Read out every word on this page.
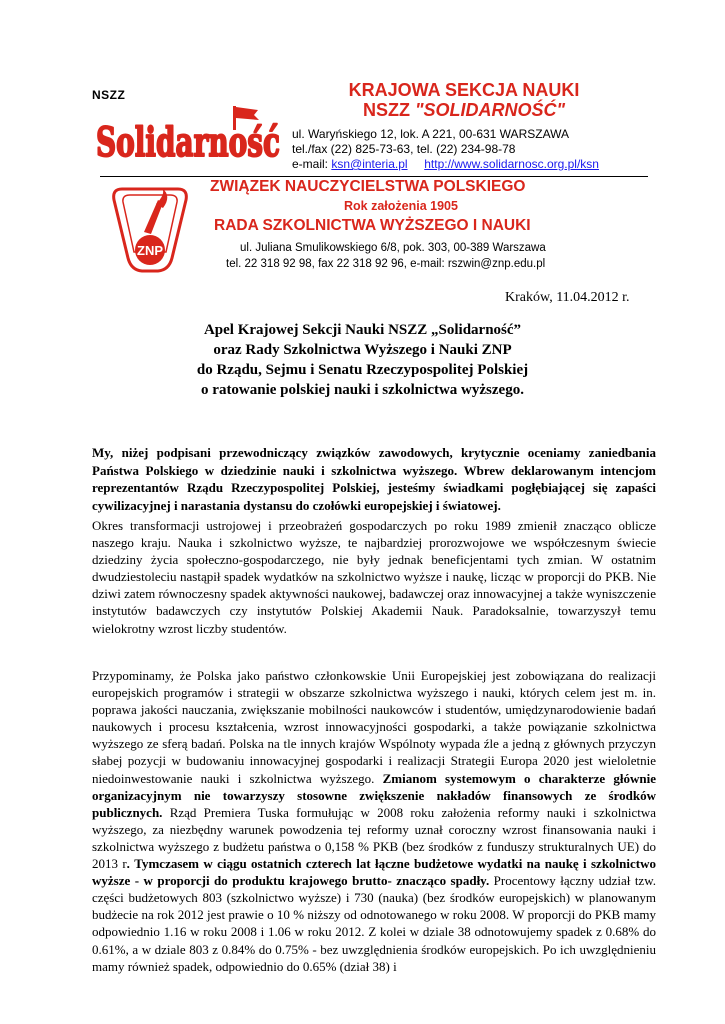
NSZZ
Solidarność
KRAJOWA SEKCJA NAUKI
NSZZ "SOLIDARNOŚĆ"
ul. Waryńskiego 12, lok. A 221, 00-631 WARSZAWA
tel./fax (22) 825-73-63, tel. (22) 234-98-78
e-mail: ksn@interia.pl http://www.solidarnosc.org.pl/ksn
ZNP
ZWIĄZEK NAUCZYCIELSTWA POLSKIEGO
Rok założenia 1905
RADA SZKOLNICTWA WYŻSZEGO I NAUKI
ul. Juliana Smulikowskiego 6/8, pok. 303, 00-389 Warszawa
tel. 22 318 92 98, fax 22 318 92 96, e-mail: rszwin@znp.edu.pl
Kraków, 11.04.2012 r.
Apel Krajowej Sekcji Nauki NSZZ „Solidarność”
oraz Rady Szkolnictwa Wyższego i Nauki ZNP
do Rządu, Sejmu i Senatu Rzeczypospolitej Polskiej
o ratowanie polskiej nauki i szkolnictwa wyższego.
My, niżej podpisani przewodniczący związków zawodowych, krytycznie oceniamy zaniedbania Państwa Polskiego w dziedzinie nauki i szkolnictwa wyższego. Wbrew deklarowanym intencjom reprezentantów Rządu Rzeczypospolitej Polskiej, jesteśmy świadkami pogłębiającej się zapaści cywilizacyjnej i narastania dystansu do czołówki europejskiej i światowej.
Okres transformacji ustrojowej i przeobrażeń gospodarczych po roku 1989 zmienił znacząco oblicze naszego kraju. Nauka i szkolnictwo wyższe, te najbardziej prorozwojowe we współczesnym świecie dziedziny życia społeczno-gospodarczego, nie były jednak beneficjentami tych zmian. W ostatnim dwudziestoleciu nastąpił spadek wydatków na szkolnictwo wyższe i naukę, licząc w proporcji do PKB. Nie dziwi zatem równoczesny spadek aktywności naukowej, badawczej oraz innowacyjnej a także wyniszczenie instytutów badawczych czy instytutów Polskiej Akademii Nauk. Paradoksalnie, towarzyszył temu wielokrotny wzrost liczby studentów.
Przypominamy, że Polska jako państwo członkowskie Unii Europejskiej jest zobowiązana do realizacji europejskich programów i strategii w obszarze szkolnictwa wyższego i nauki, których celem jest m. in. poprawa jakości nauczania, zwiększanie mobilności naukowców i studentów, umiędzynarodowienie badań naukowych i procesu kształcenia, wzrost innowacyjności gospodarki, a także powiązanie szkolnictwa wyższego ze sferą badań. Polska na tle innych krajów Wspólnoty wypada źle a jedną z głównych przyczyn słabej pozycji w budowaniu innowacyjnej gospodarki i realizacji Strategii Europa 2020 jest wieloletnie niedoinwestowanie nauki i szkolnictwa wyższego. Zmianom systemowym o charakterze głównie organizacyjnym nie towarzyszy stosowne zwiększenie nakładów finansowych ze środków publicznych. Rząd Premiera Tuska formułując w 2008 roku założenia reformy nauki i szkolnictwa wyższego, za niezbędny warunek powodzenia tej reformy uznał coroczny wzrost finansowania nauki i szkolnictwa wyższego z budżetu państwa o 0,158 % PKB (bez środków z funduszy strukturalnych UE) do 2013 r. Tymczasem w ciągu ostatnich czterech lat łączne budżetowe wydatki na naukę i szkolnictwo wyższe - w proporcji do produktu krajowego brutto- znacząco spadły. Procentowy łączny udział tzw. części budżetowych 803 (szkolnictwo wyższe) i 730 (nauka) (bez środków europejskich) w planowanym budżecie na rok 2012 jest prawie o 10 % niższy od odnotowanego w roku 2008. W proporcji do PKB mamy odpowiednio 1.16 w roku 2008 i 1.06 w roku 2012. Z kolei w dziale 38 odnotowujemy spadek z 0.68% do 0.61%, a w dziale 803 z 0.84% do 0.75% - bez uwzględnienia środków europejskich. Po ich uwzględnieniu mamy również spadek, odpowiednio do 0.65% (dział 38) i
